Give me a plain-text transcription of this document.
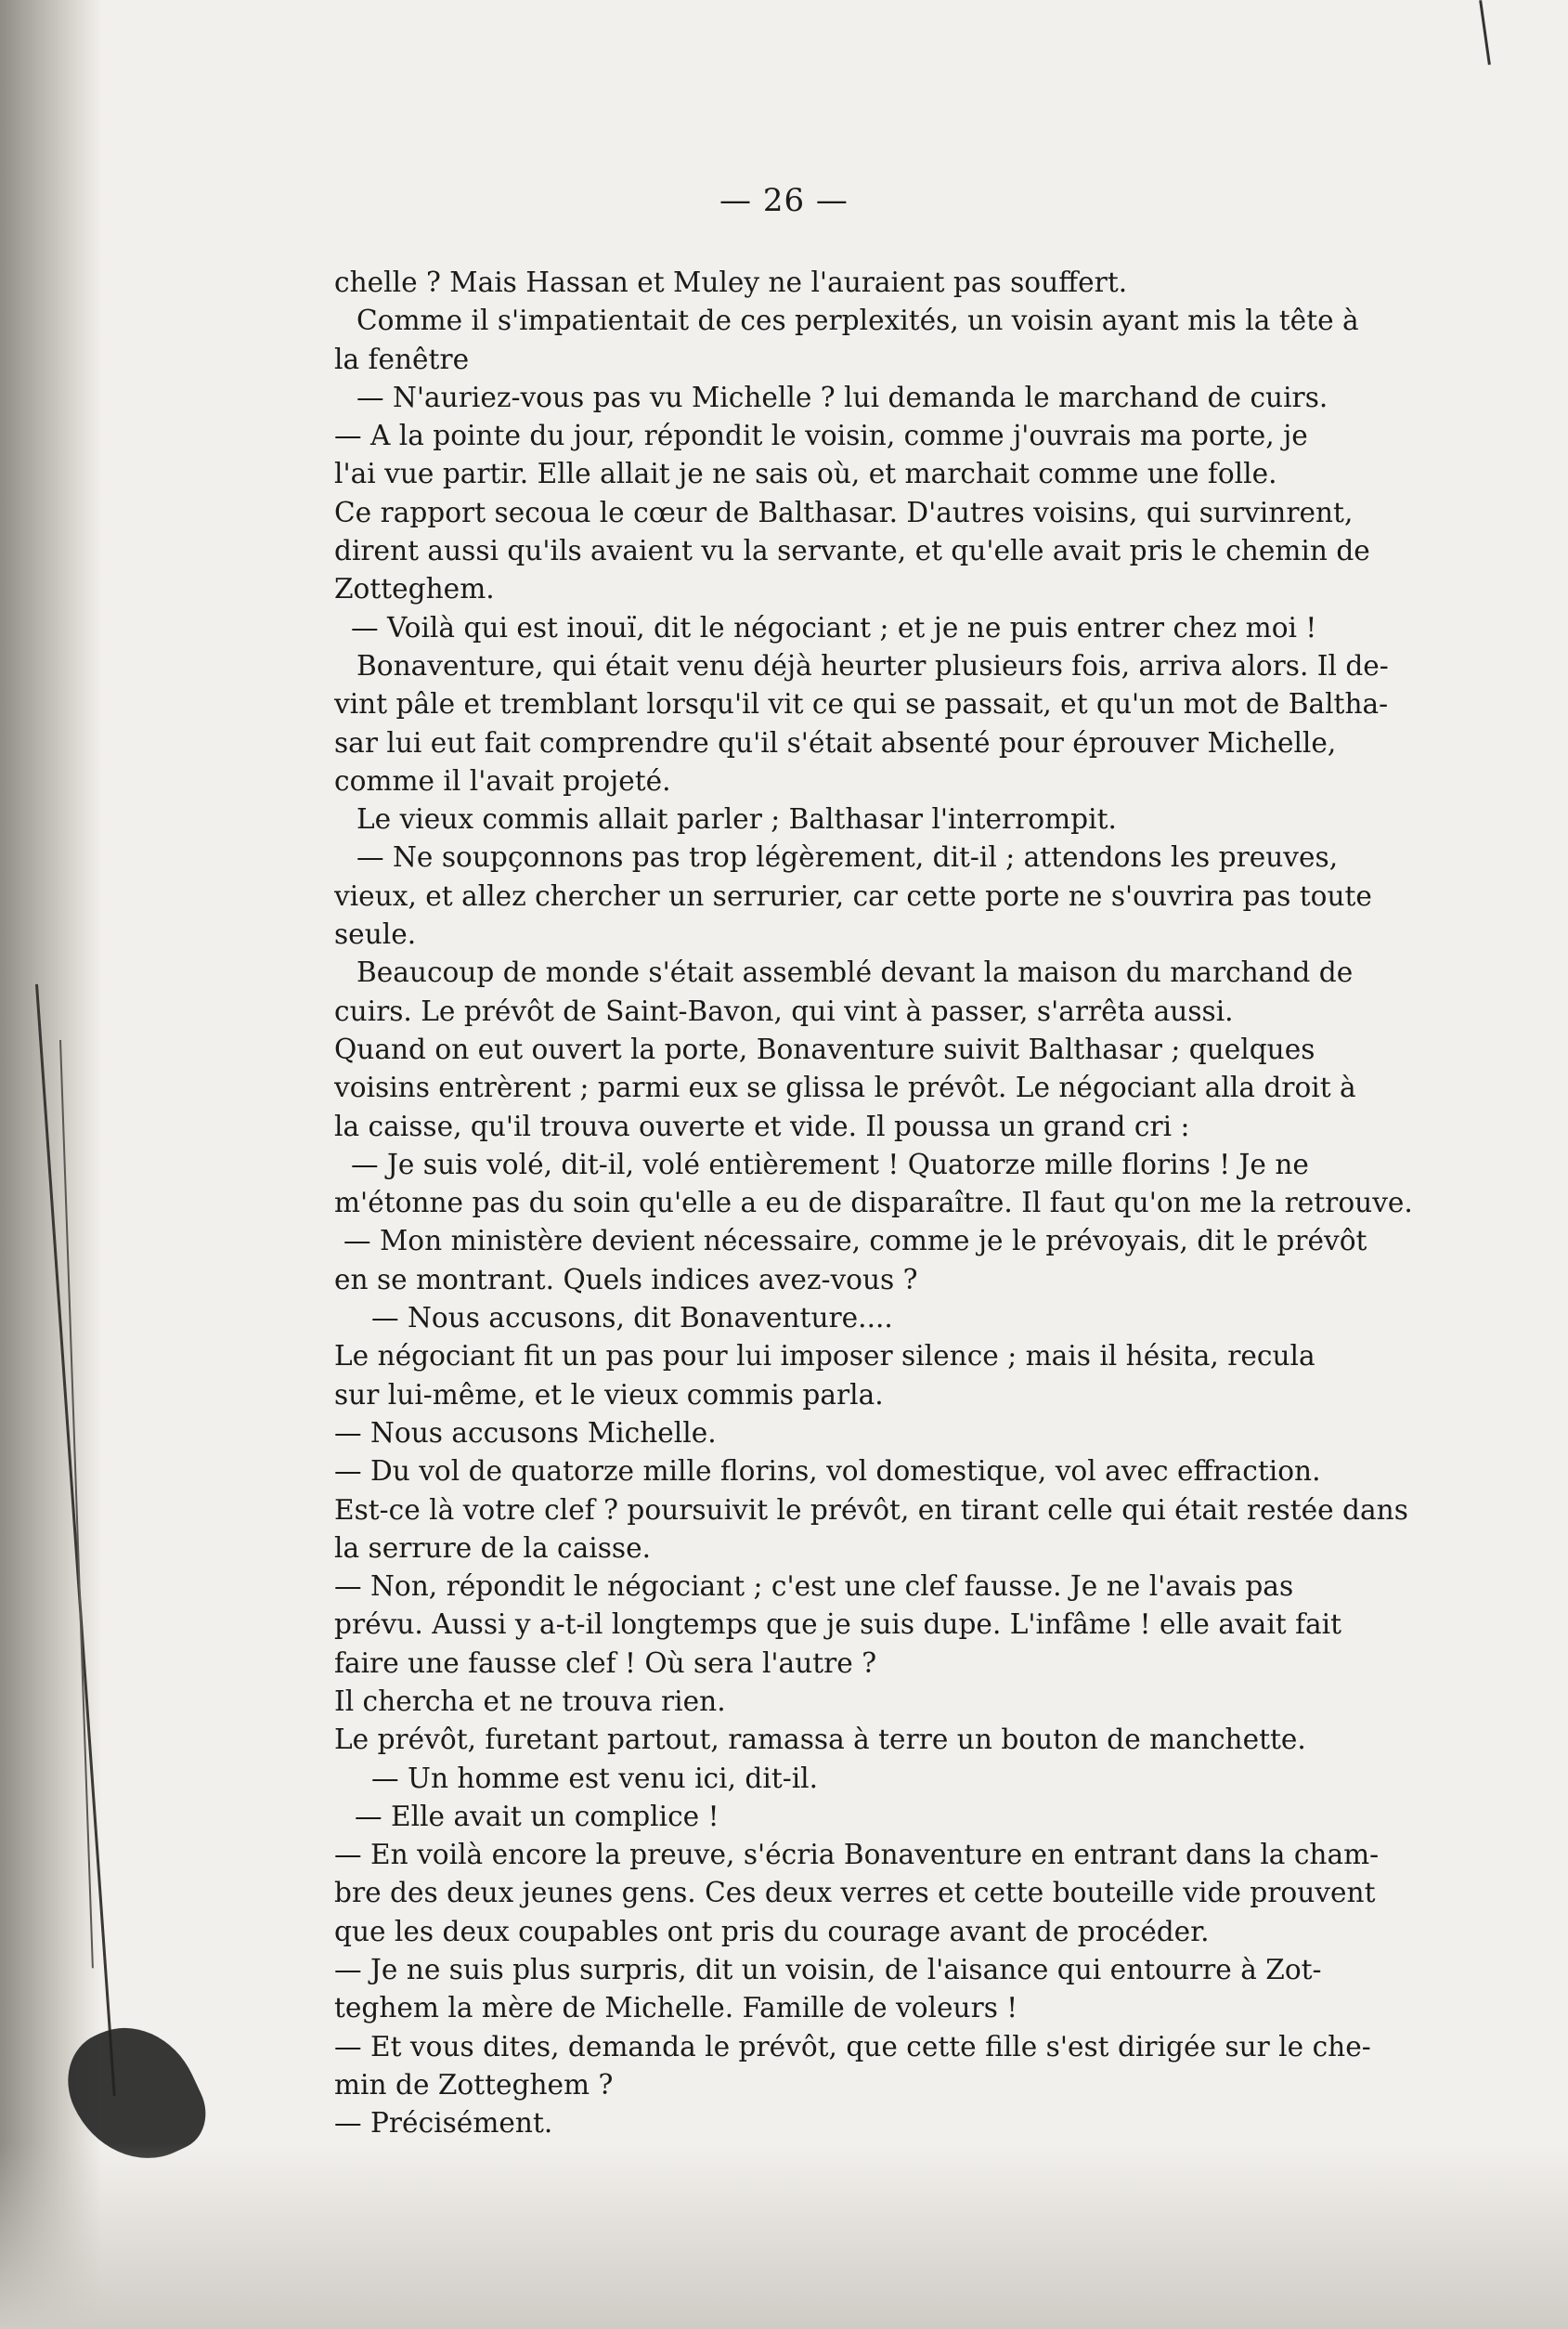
— 26 —
chelle ? Mais Hassan et Muley ne l'auraient pas souffert.
Comme il s'impatientait de ces perplexités, un voisin ayant mis la tête à
la fenêtre
— N'auriez-vous pas vu Michelle ? lui demanda le marchand de cuirs.
— A la pointe du jour, répondit le voisin, comme j'ouvrais ma porte, je
l'ai vue partir. Elle allait je ne sais où, et marchait comme une folle.
Ce rapport secoua le cœur de Balthasar. D'autres voisins, qui survinrent,
dirent aussi qu'ils avaient vu la servante, et qu'elle avait pris le chemin de
Zotteghem.
— Voilà qui est inouï, dit le négociant ; et je ne puis entrer chez moi !
Bonaventure, qui était venu déjà heurter plusieurs fois, arriva alors. Il de-
vint pâle et tremblant lorsqu'il vit ce qui se passait, et qu'un mot de Baltha-
sar lui eut fait comprendre qu'il s'était absenté pour éprouver Michelle,
comme il l'avait projeté.
Le vieux commis allait parler ; Balthasar l'interrompit.
— Ne soupçonnons pas trop légèrement, dit-il ; attendons les preuves,
vieux, et allez chercher un serrurier, car cette porte ne s'ouvrira pas toute
seule.
Beaucoup de monde s'était assemblé devant la maison du marchand de
cuirs. Le prévôt de Saint-Bavon, qui vint à passer, s'arrêta aussi.
Quand on eut ouvert la porte, Bonaventure suivit Balthasar ; quelques
voisins entrèrent ; parmi eux se glissa le prévôt. Le négociant alla droit à
la caisse, qu'il trouva ouverte et vide. Il poussa un grand cri :
— Je suis volé, dit-il, volé entièrement ! Quatorze mille florins ! Je ne
m'étonne pas du soin qu'elle a eu de disparaître. Il faut qu'on me la retrouve.
— Mon ministère devient nécessaire, comme je le prévoyais, dit le prévôt
en se montrant. Quels indices avez-vous ?
— Nous accusons, dit Bonaventure....
Le négociant fit un pas pour lui imposer silence ; mais il hésita, recula
sur lui-même, et le vieux commis parla.
— Nous accusons Michelle.
— Du vol de quatorze mille florins, vol domestique, vol avec effraction.
Est-ce là votre clef ? poursuivit le prévôt, en tirant celle qui était restée dans
la serrure de la caisse.
— Non, répondit le négociant ; c'est une clef fausse. Je ne l'avais pas
prévu. Aussi y a-t-il longtemps que je suis dupe. L'infâme ! elle avait fait
faire une fausse clef ! Où sera l'autre ?
Il chercha et ne trouva rien.
Le prévôt, furetant partout, ramassa à terre un bouton de manchette.
— Un homme est venu ici, dit-il.
— Elle avait un complice !
— En voilà encore la preuve, s'écria Bonaventure en entrant dans la cham-
bre des deux jeunes gens. Ces deux verres et cette bouteille vide prouvent
que les deux coupables ont pris du courage avant de procéder.
— Je ne suis plus surpris, dit un voisin, de l'aisance qui entourre à Zot-
teghem la mère de Michelle. Famille de voleurs !
— Et vous dites, demanda le prévôt, que cette fille s'est dirigée sur le che-
min de Zotteghem ?
— Précisément.
